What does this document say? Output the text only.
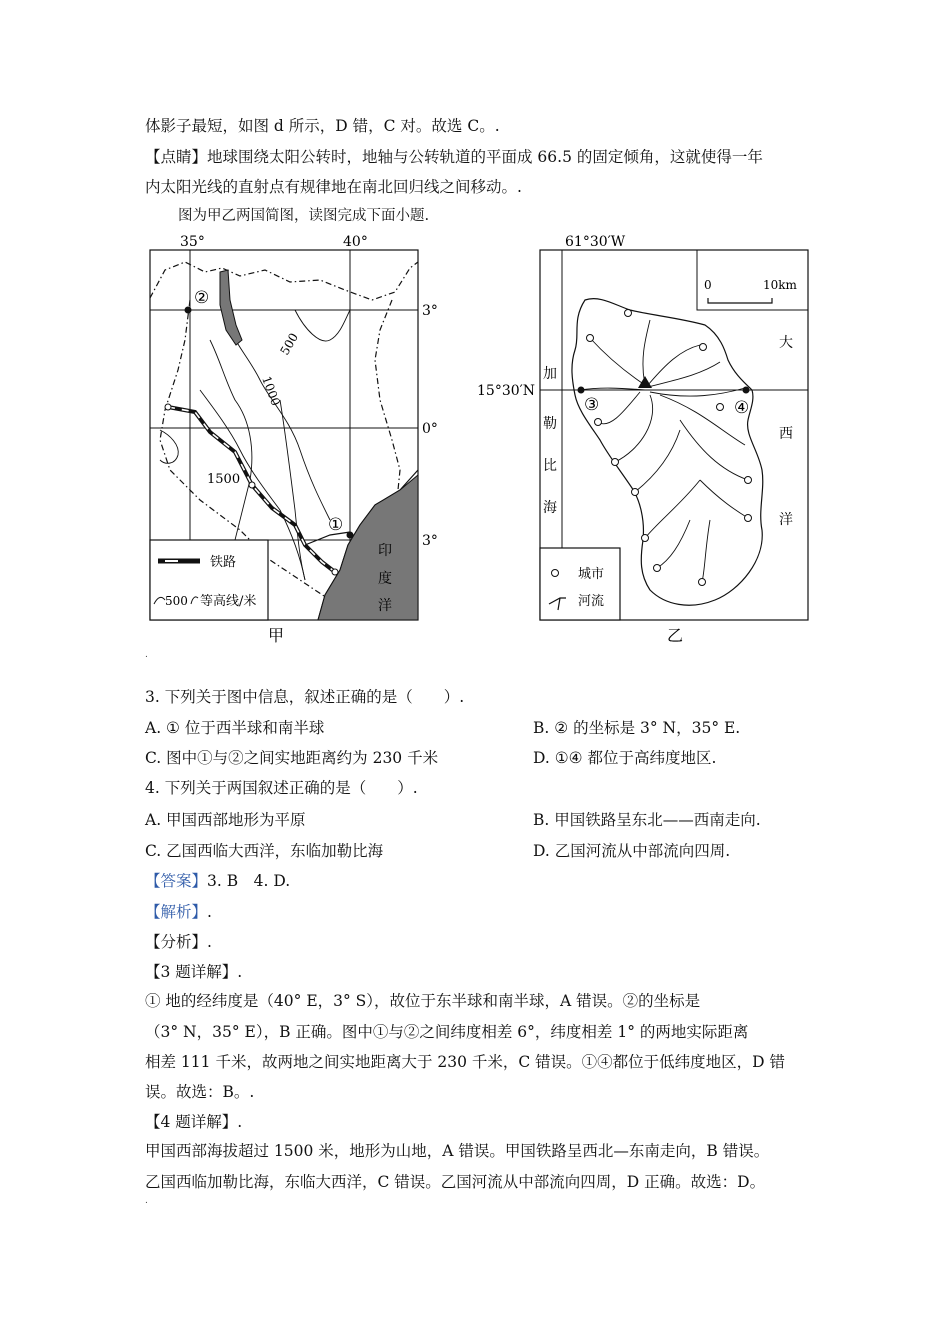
体影子最短，如图 d 所示，D 错，C 对。故选 C。.
【点睛】地球围绕太阳公转时，地轴与公转轨道的平面成 66.5 的固定倾角，这就使得一年
内太阳光线的直射点有规律地在南北回归线之间移动。.
图为甲乙两国简图，读图完成下面小题.
35°	40°
3°
0°
3°
②
①
500
1000
1500
印
度
洋
铁路
500 等高线/米
甲
61°30′W
15°30′N
0	10km
③	④
加
勒
比
海
大
西
洋
城市
河流
乙
.
3. 下列关于图中信息，叙述正确的是（　　）.
A. ① 位于西半球和南半球	B. ② 的坐标是 3° N，35° E.
C. 图中①与②之间实地距离约为 230 千米	D. ①④ 都位于高纬度地区.
4. 下列关于两国叙述正确的是（　　）.
A. 甲国西部地形为平原	B. 甲国铁路呈东北——西南走向.
C. 乙国西临大西洋，东临加勒比海	D. 乙国河流从中部流向四周.
【答案】3. B　4. D.
【解析】.
【分析】.
【3 题详解】.
① 地的经纬度是（40° E，3° S），故位于东半球和南半球，A 错误。②的坐标是
（3° N，35° E），B 正确。图中①与②之间纬度相差 6°，纬度相差 1° 的两地实际距离
相差 111 千米，故两地之间实地距离大于 230 千米，C 错误。①④都位于低纬度地区，D 错
误。故选：B。.
【4 题详解】.
甲国西部海拔超过 1500 米，地形为山地，A 错误。甲国铁路呈西北—东南走向，B 错误。
乙国西临加勒比海，东临大西洋，C 错误。乙国河流从中部流向四周，D 正确。故选：D。
.
